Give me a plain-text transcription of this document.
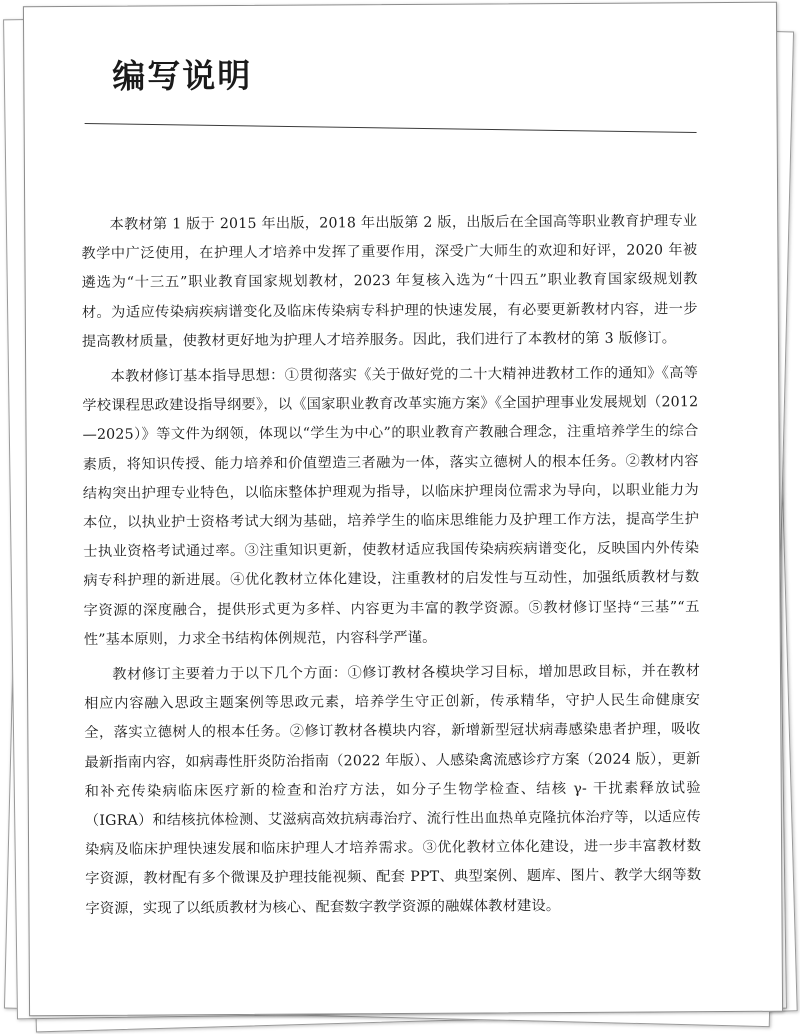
编写说明

本教材第 1 版于 2015 年出版，2018 年出版第 2 版，出版后在全国高等职业教育护理专业教学中广泛使用，在护理人才培养中发挥了重要作用，深受广大师生的欢迎和好评，2020 年被遴选为“十三五”职业教育国家规划教材，2023 年复核入选为“十四五”职业教育国家级规划教材。为适应传染病疾病谱变化及临床传染病专科护理的快速发展，有必要更新教材内容，进一步提高教材质量，使教材更好地为护理人才培养服务。因此，我们进行了本教材的第 3 版修订。

本教材修订基本指导思想：①贯彻落实《关于做好党的二十大精神进教材工作的通知》《高等学校课程思政建设指导纲要》，以《国家职业教育改革实施方案》《全国护理事业发展规划（2012—2025）》等文件为纲领，体现以“学生为中心”的职业教育产教融合理念，注重培养学生的综合素质，将知识传授、能力培养和价值塑造三者融为一体，落实立德树人的根本任务。②教材内容结构突出护理专业特色，以临床整体护理观为指导，以临床护理岗位需求为导向，以职业能力为本位，以执业护士资格考试大纲为基础，培养学生的临床思维能力及护理工作方法，提高学生护士执业资格考试通过率。③注重知识更新，使教材适应我国传染病疾病谱变化，反映国内外传染病专科护理的新进展。④优化教材立体化建设，注重教材的启发性与互动性，加强纸质教材与数字资源的深度融合，提供形式更为多样、内容更为丰富的教学资源。⑤教材修订坚持“三基”“五性”基本原则，力求全书结构体例规范，内容科学严谨。

教材修订主要着力于以下几个方面：①修订教材各模块学习目标，增加思政目标，并在教材相应内容融入思政主题案例等思政元素，培养学生守正创新，传承精华，守护人民生命健康安全，落实立德树人的根本任务。②修订教材各模块内容，新增新型冠状病毒感染患者护理，吸收最新指南内容，如病毒性肝炎防治指南（2022 年版）、人感染禽流感诊疗方案（2024 版），更新和补充传染病临床医疗新的检查和治疗方法，如分子生物学检查、结核 γ- 干扰素释放试验（IGRA）和结核抗体检测、艾滋病高效抗病毒治疗、流行性出血热单克隆抗体治疗等，以适应传染病及临床护理快速发展和临床护理人才培养需求。③优化教材立体化建设，进一步丰富教材数字资源，教材配有多个微课及护理技能视频、配套 PPT、典型案例、题库、图片、教学大纲等数字资源，实现了以纸质教材为核心、配套数字教学资源的融媒体教材建设。
